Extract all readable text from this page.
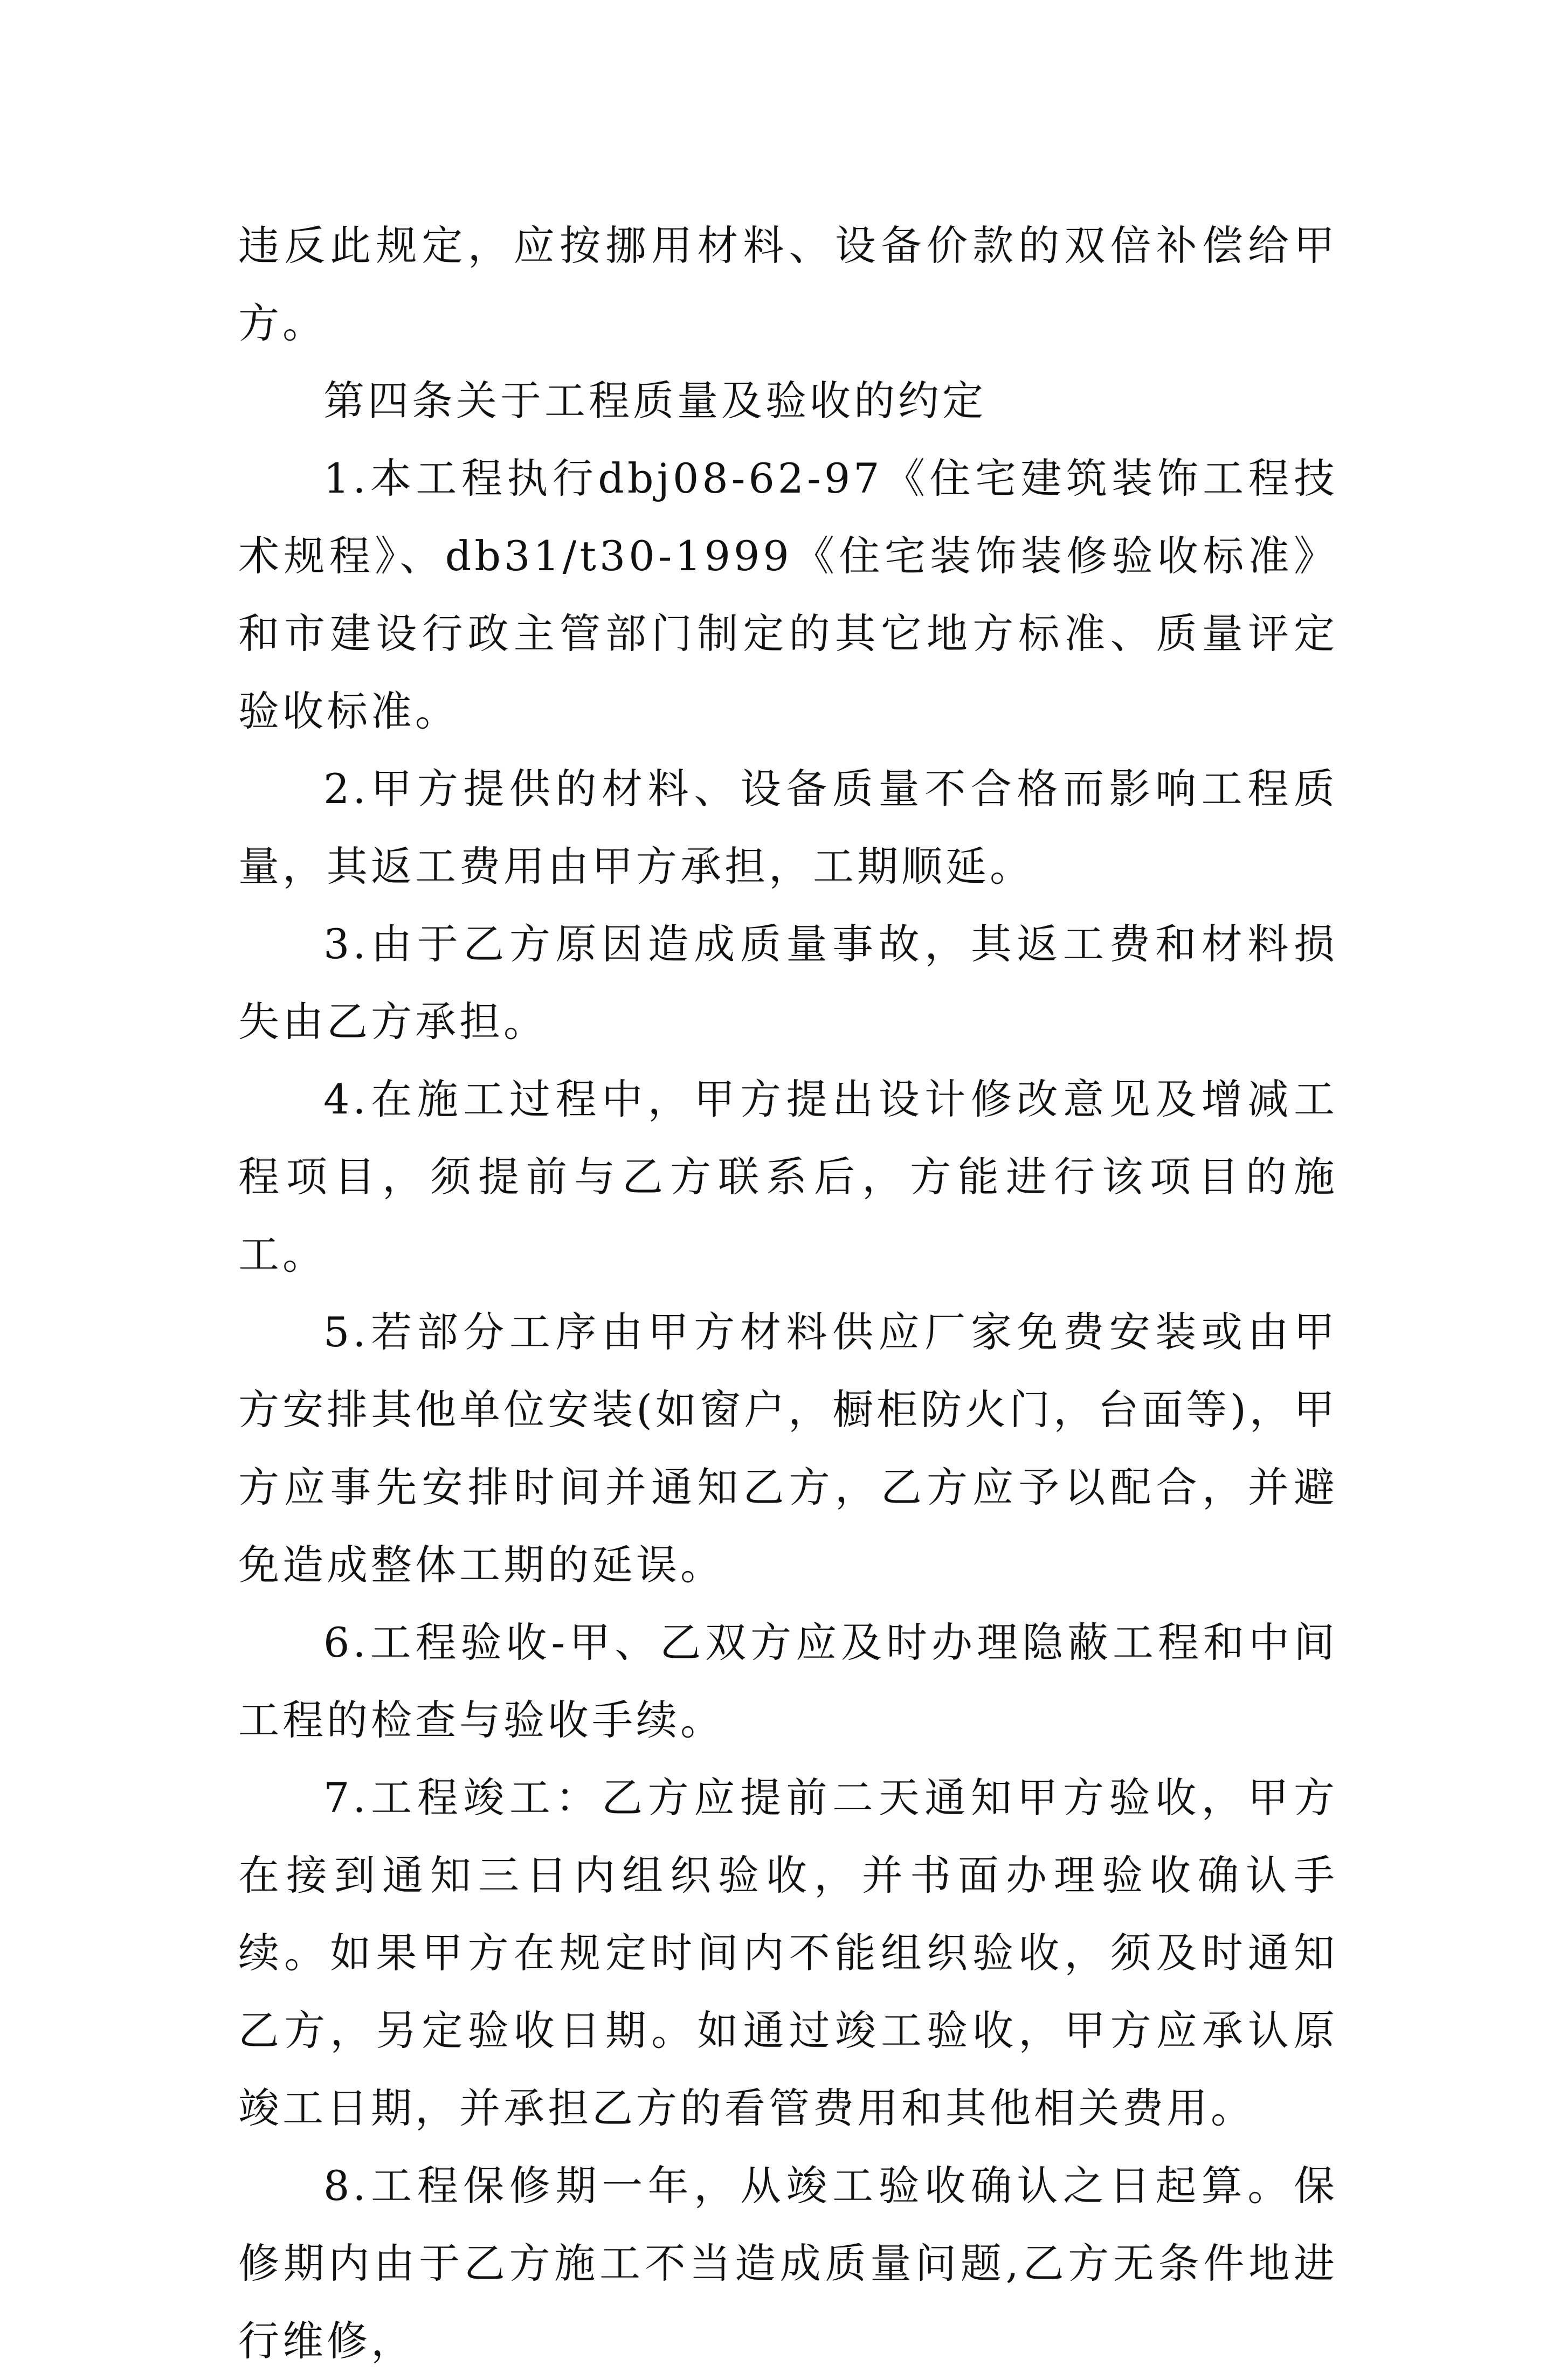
违反此规定，应按挪用材料、设备价款的双倍补偿给甲方。

第四条关于工程质量及验收的约定

1.本工程执行dbj08-62-97《住宅建筑装饰工程技术规程》、db31/t30-1999《住宅装饰装修验收标准》和市建设行政主管部门制定的其它地方标准、质量评定验收标准。

2.甲方提供的材料、设备质量不合格而影响工程质量，其返工费用由甲方承担，工期顺延。

3.由于乙方原因造成质量事故，其返工费和材料损失由乙方承担。

4.在施工过程中，甲方提出设计修改意见及增减工程项目，须提前与乙方联系后，方能进行该项目的施工。

5.若部分工序由甲方材料供应厂家免费安装或由甲方安排其他单位安装(如窗户，橱柜防火门，台面等)，甲方应事先安排时间并通知乙方，乙方应予以配合，并避免造成整体工期的延误。

6.工程验收-甲、乙双方应及时办理隐蔽工程和中间工程的检查与验收手续。

7.工程竣工：乙方应提前二天通知甲方验收，甲方在接到通知三日内组织验收，并书面办理验收确认手续。如果甲方在规定时间内不能组织验收，须及时通知乙方，另定验收日期。如通过竣工验收，甲方应承认原竣工日期，并承担乙方的看管费用和其他相关费用。

8.工程保修期一年，从竣工验收确认之日起算。保修期内由于乙方施工不当造成质量问题,乙方无条件地进行维修，
